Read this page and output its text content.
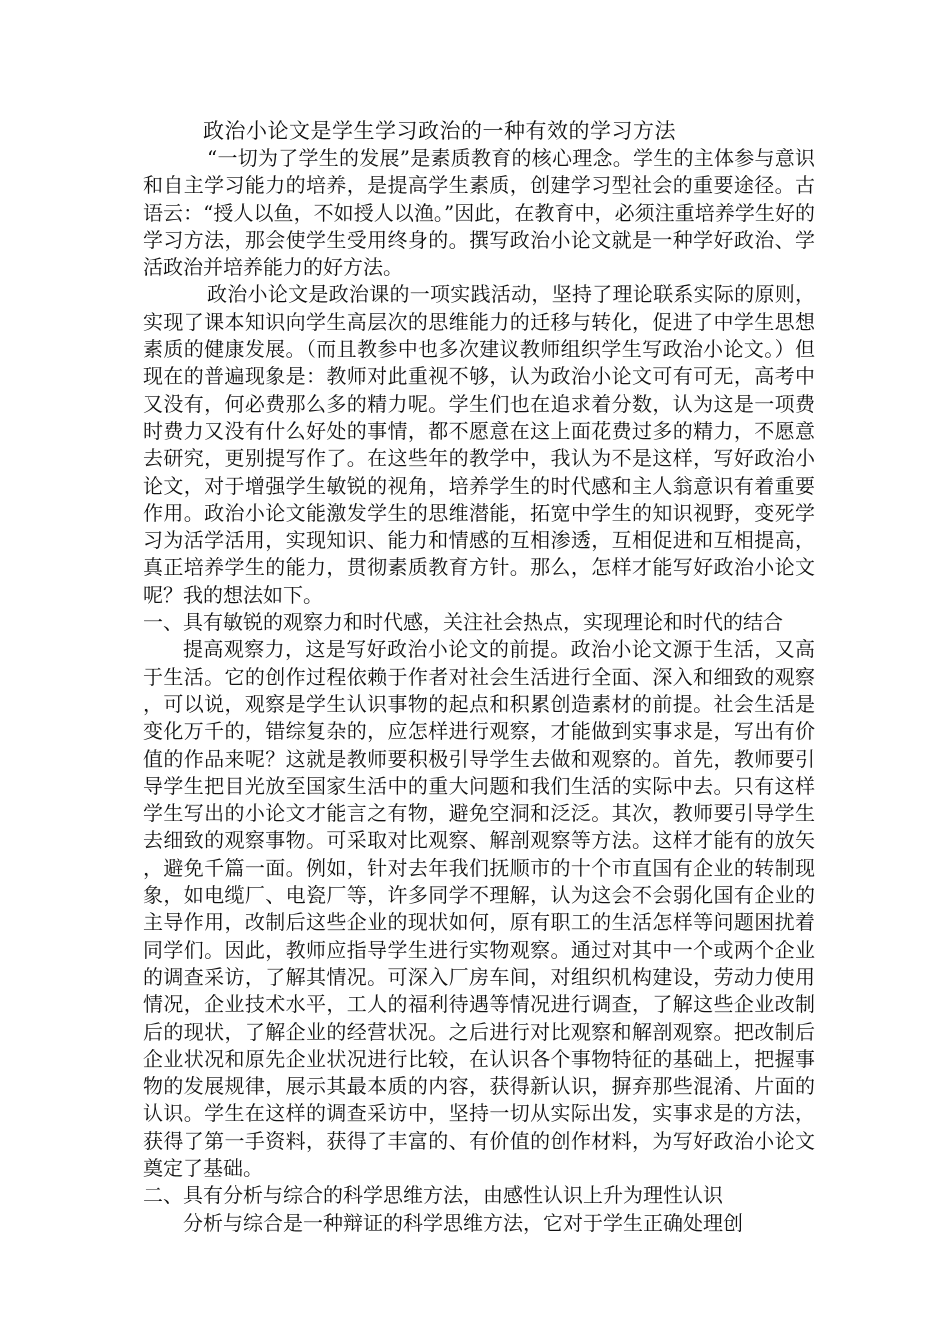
政治小论文是学生学习政治的一种有效的学习方法

“一切为了学生的发展”是素质教育的核心理念。学生的主体参与意识和自主学习能力的培养，是提高学生素质，创建学习型社会的重要途径。古语云：“授人以鱼，不如授人以渔。”因此，在教育中，必须注重培养学生好的学习方法，那会使学生受用终身的。撰写政治小论文就是一种学好政治、学活政治并培养能力的好方法。

政治小论文是政治课的一项实践活动，坚持了理论联系实际的原则，实现了课本知识向学生高层次的思维能力的迁移与转化，促进了中学生思想素质的健康发展。（而且教参中也多次建议教师组织学生写政治小论文。）但现在的普遍现象是：教师对此重视不够，认为政治小论文可有可无，高考中又没有，何必费那么多的精力呢。学生们也在追求着分数，认为这是一项费时费力又没有什么好处的事情，都不愿意在这上面花费过多的精力，不愿意去研究，更别提写作了。在这些年的教学中，我认为不是这样，写好政治小论文，对于增强学生敏锐的视角，培养学生的时代感和主人翁意识有着重要作用。政治小论文能激发学生的思维潜能，拓宽中学生的知识视野，变死学习为活学活用，实现知识、能力和情感的互相渗透，互相促进和互相提高，真正培养学生的能力，贯彻素质教育方针。那么，怎样才能写好政治小论文呢？我的想法如下。

一、具有敏锐的观察力和时代感，关注社会热点，实现理论和时代的结合

提高观察力，这是写好政治小论文的前提。政治小论文源于生活，又高于生活。它的创作过程依赖于作者对社会生活进行全面、深入和细致的观察，可以说，观察是学生认识事物的起点和积累创造素材的前提。社会生活是变化万千的，错综复杂的，应怎样进行观察，才能做到实事求是，写出有价值的作品来呢？这就是教师要积极引导学生去做和观察的。首先，教师要引导学生把目光放至国家生活中的重大问题和我们生活的实际中去。只有这样学生写出的小论文才能言之有物，避免空洞和泛泛。其次，教师要引导学生去细致的观察事物。可采取对比观察、解剖观察等方法。这样才能有的放矢，避免千篇一面。例如，针对去年我们抚顺市的十个市直国有企业的转制现象，如电缆厂、电瓷厂等，许多同学不理解，认为这会不会弱化国有企业的主导作用，改制后这些企业的现状如何，原有职工的生活怎样等问题困扰着同学们。因此，教师应指导学生进行实物观察。通过对其中一个或两个企业的调查采访，了解其情况。可深入厂房车间，对组织机构建设，劳动力使用情况，企业技术水平，工人的福利待遇等情况进行调查，了解这些企业改制后的现状，了解企业的经营状况。之后进行对比观察和解剖观察。把改制后企业状况和原先企业状况进行比较，在认识各个事物特征的基础上，把握事物的发展规律，展示其最本质的内容，获得新认识，摒弃那些混淆、片面的认识。学生在这样的调查采访中，坚持一切从实际出发，实事求是的方法，获得了第一手资料，获得了丰富的、有价值的创作材料，为写好政治小论文奠定了基础。

二、具有分析与综合的科学思维方法，由感性认识上升为理性认识

分析与综合是一种辩证的科学思维方法，它对于学生正确处理创
